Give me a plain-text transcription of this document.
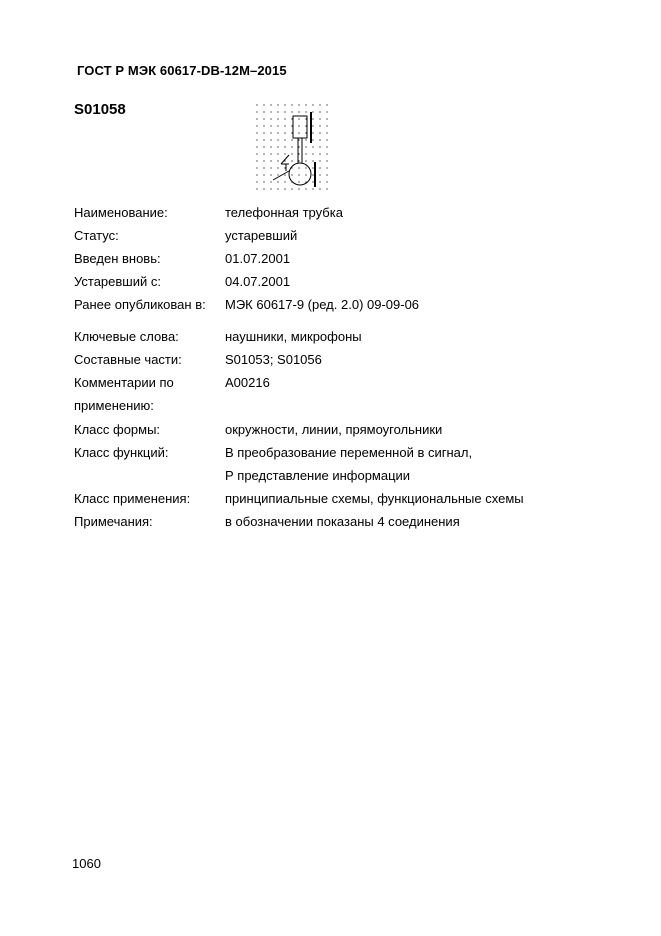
ГОСТ Р МЭК 60617-DB-12M–2015
S01058
Наименование:	телефонная трубка
Статус:	устаревший
Введен вновь:	01.07.2001
Устаревший с:	04.07.2001
Ранее опубликован в:	МЭК 60617-9 (ред. 2.0) 09-09-06
Ключевые слова:	наушники, микрофоны
Составные части:	S01053; S01056
Комментарии по	A00216
применению:
Класс формы:	окружности, линии, прямоугольники
Класс функций:	В преобразование переменной в сигнал,
Р представление информации
Класс применения:	принципиальные схемы, функциональные схемы
Примечания:	в обозначении показаны 4 соединения
1060
